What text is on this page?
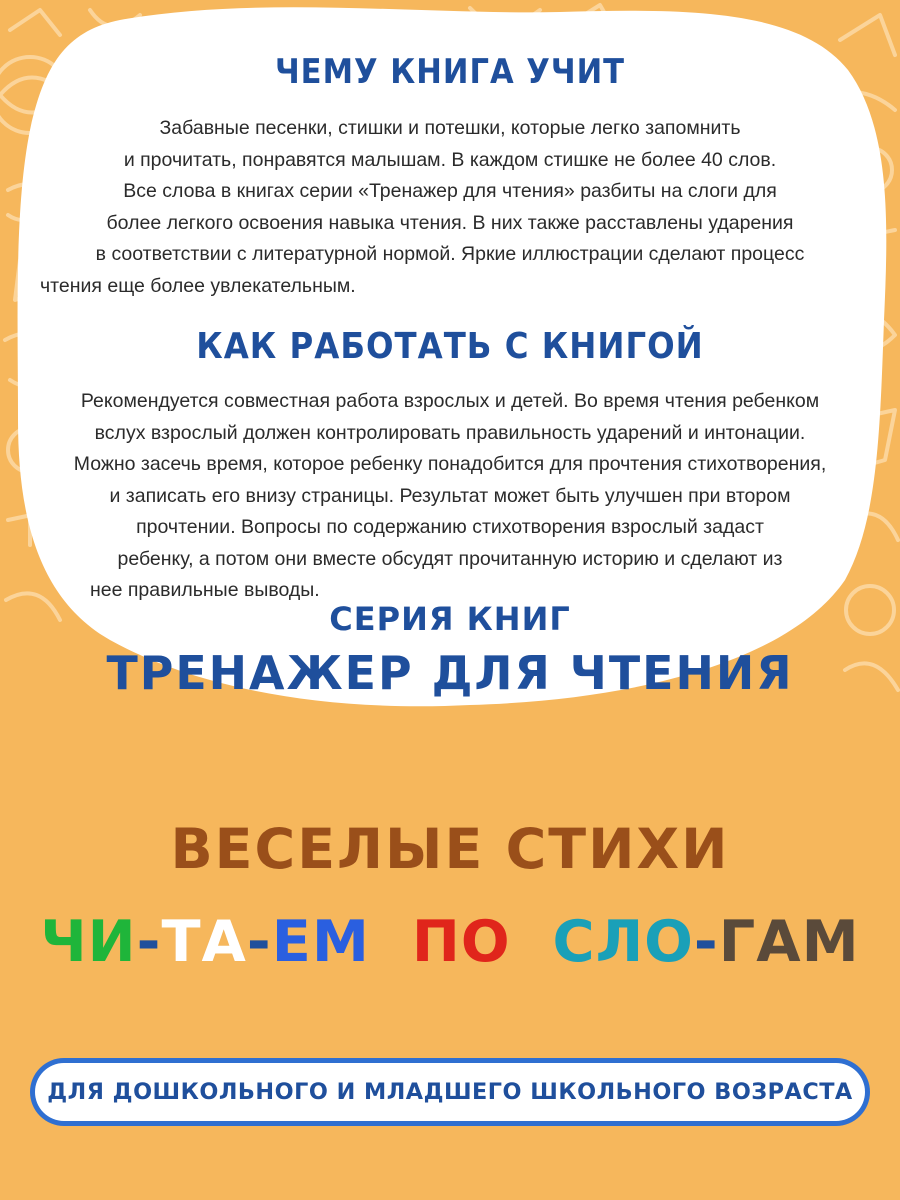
ЧЕМУ КНИГА УЧИТ
Забавные песенки, стишки и потешки, которые легко запомнить
и прочитать, понравятся малышам. В каждом стишке не более 40 слов.
Все слова в книгах серии «Тренажер для чтения» разбиты на слоги для
более легкого освоения навыка чтения. В них также расставлены ударения
в соответствии с литературной нормой. Яркие иллюстрации сделают процесс
чтения еще более увлекательным.
КАК РАБОТАТЬ С КНИГОЙ
Рекомендуется совместная работа взрослых и детей. Во время чтения ребенком
вслух взрослый должен контролировать правильность ударений и интонации.
Можно засечь время, которое ребенку понадобится для прочтения стихотворения,
и записать его внизу страницы. Результат может быть улучшен при втором
прочтении. Вопросы по содержанию стихотворения взрослый задаст
ребенку, а потом они вместе обсудят прочитанную историю и сделают из
нее правильные выводы.
СЕРИЯ КНИГ
ТРЕНАЖЕР ДЛЯ ЧТЕНИЯ
ВЕСЕЛЫЕ СТИХИ
ЧИ-ТА-ЕМ ПО СЛО-ГАМ
ДЛЯ ДОШКОЛЬНОГО И МЛАДШЕГО ШКОЛЬНОГО ВОЗРАСТА
